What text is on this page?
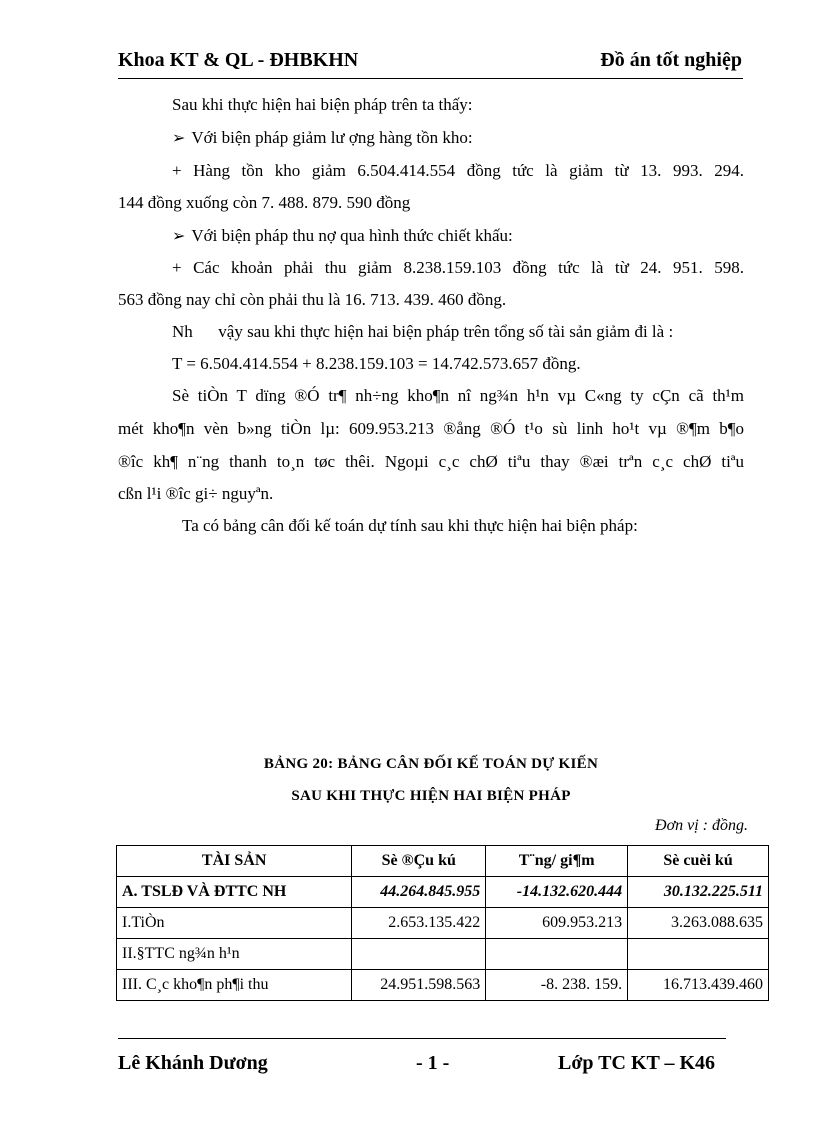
Khoa KT & QL - ĐHBKHN	Đồ án tốt nghiệp
Sau khi thực hiện hai biện pháp trên ta thấy:
➢ Với biện pháp giảm lư ợng hàng tồn kho:
+ Hàng tồn kho giảm 6.504.414.554 đồng tức là giảm từ 13. 993. 294.
144 đồng xuống còn 7. 488. 879. 590 đồng
➢ Với biện pháp thu nợ qua hình thức chiết khấu:
+ Các khoản phải thu giảm 8.238.159.103 đồng tức là từ 24. 951. 598.
563 đồng nay chỉ còn phải thu là 16. 713. 439. 460 đồng.
Nh      vậy sau khi thực hiện hai biện pháp trên tổng số tài sản giảm đi là :
T = 6.504.414.554 + 8.238.159.103 = 14.742.573.657 đồng.
Sè tiÒn T dïng ®Ó tr¶ nh÷ng kho¶n nî ng¾n h¹n vµ C«ng ty cÇn cã th¹m
mét kho¶n vèn b»ng tiÒn lµ: 609.953.213 ®ång ®Ó t¹o sù linh ho¹t vµ ®¶m b¶o
®îc kh¶ n¨ng thanh to¸n tøc thêi. Ngoµi c¸c chØ tiªu thay ®æi trªn c¸c chØ tiªu
cßn l¹i ®îc gi÷ nguyªn.
Ta có bảng cân đối kế toán dự tính sau khi thực hiện hai biện pháp:
BẢNG 20: BẢNG CÂN ĐỐI KẾ TOÁN DỰ KIẾN
SAU KHI THỰC HIỆN HAI BIỆN PHÁP
Đơn vị : đồng.
TÀI SẢN	Sè ®Çu kú	T¨ng/ gi¶m	Sè cuèi kú
A. TSLĐ VÀ ĐTTC NH	44.264.845.955	-14.132.620.444	30.132.225.511
I.TiÒn	2.653.135.422	609.953.213	3.263.088.635
II.§TTC ng¾n h¹n			
III. C¸c kho¶n ph¶i thu	24.951.598.563	-8. 238. 159.	16.713.439.460
Lê Khánh Dương	- 1 -	Lớp TC KT – K46
